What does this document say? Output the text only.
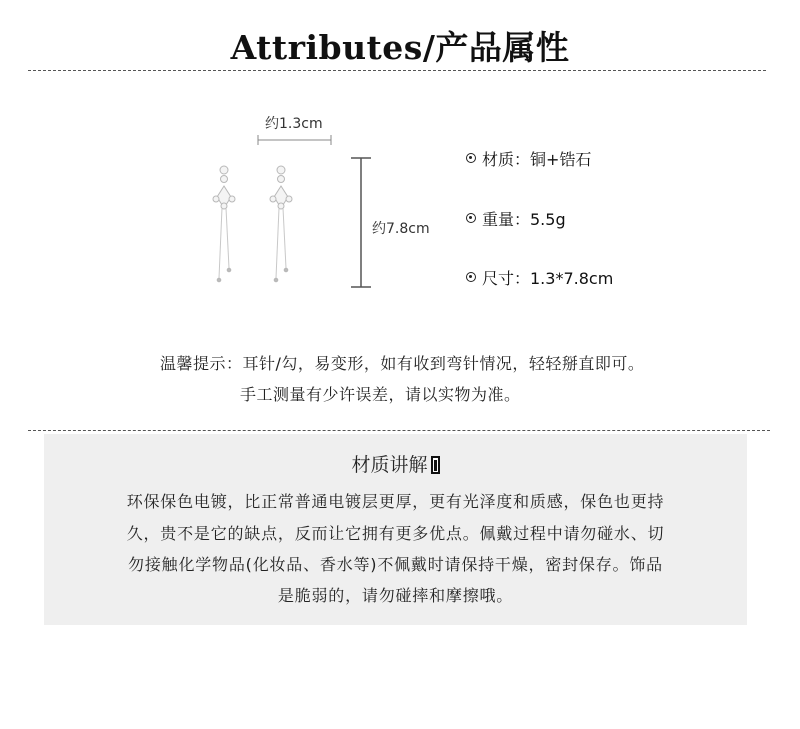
Attributes/产品属性
约1.3cm
约7.8cm
材质：铜+锆石
重量：5.5g
尺寸：1.3*7.8cm
温馨提示：耳针/勾，易变形，如有收到弯针情况，轻轻掰直即可。
手工测量有少许误差，请以实物为准。
材质讲解
环保保色电镀，比正常普通电镀层更厚，更有光泽度和质感，保色也更持
久，贵不是它的缺点，反而让它拥有更多优点。佩戴过程中请勿碰水、切
勿接触化学物品(化妆品、香水等)不佩戴时请保持干燥，密封保存。饰品
是脆弱的，请勿碰摔和摩擦哦。
